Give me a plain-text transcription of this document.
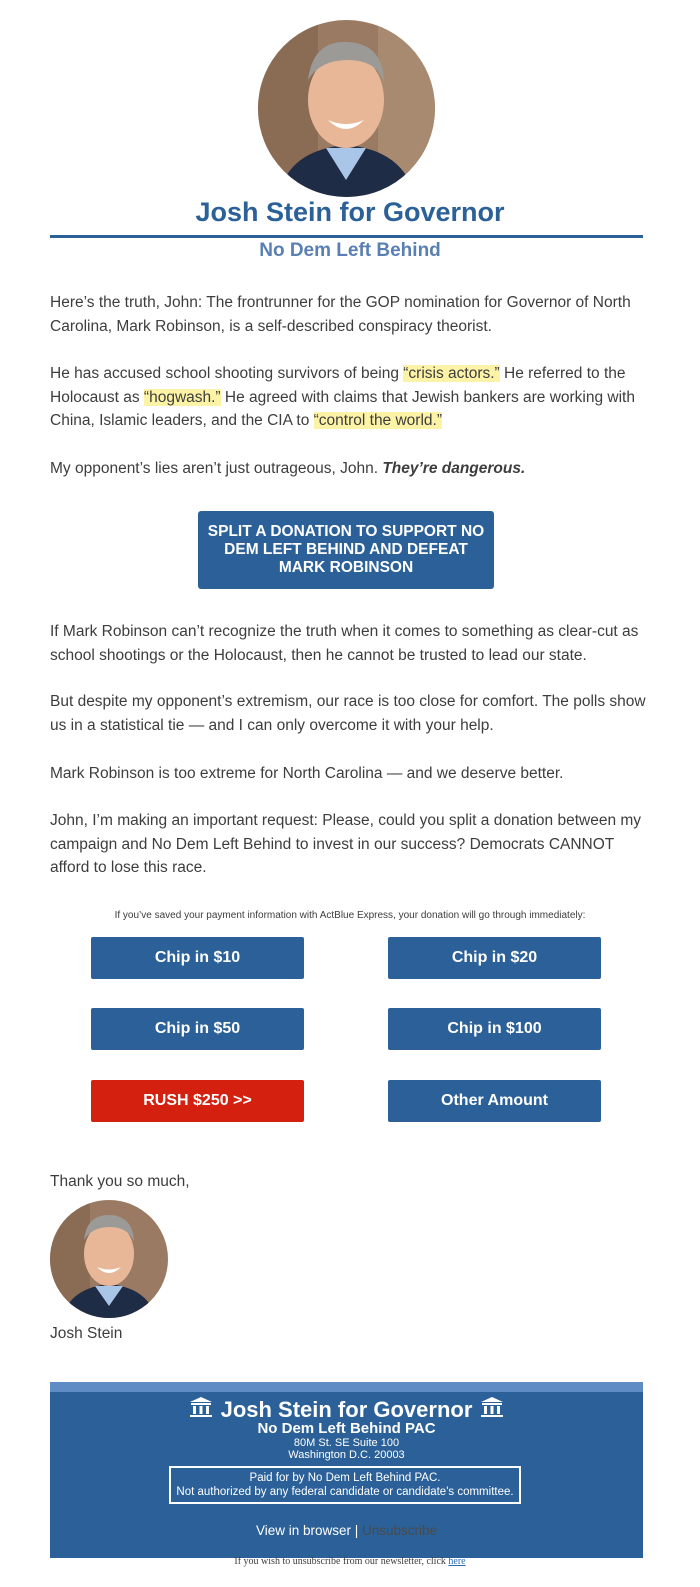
Josh Stein for Governor
No Dem Left Behind

Here’s the truth, John: The frontrunner for the GOP nomination for Governor of North Carolina, Mark Robinson, is a self-described conspiracy theorist.

He has accused school shooting survivors of being “crisis actors.” He referred to the Holocaust as “hogwash.” He agreed with claims that Jewish bankers are working with China, Islamic leaders, and the CIA to “control the world.”

My opponent’s lies aren’t just outrageous, John. They’re dangerous.

SPLIT A DONATION TO SUPPORT NO DEM LEFT BEHIND AND DEFEAT MARK ROBINSON

If Mark Robinson can’t recognize the truth when it comes to something as clear-cut as school shootings or the Holocaust, then he cannot be trusted to lead our state.

But despite my opponent’s extremism, our race is too close for comfort. The polls show us in a statistical tie — and I can only overcome it with your help.

Mark Robinson is too extreme for North Carolina — and we deserve better.

John, I’m making an important request: Please, could you split a donation between my campaign and No Dem Left Behind to invest in our success? Democrats CANNOT afford to lose this race.

If you’ve saved your payment information with ActBlue Express, your donation will go through immediately:
Chip in $10	Chip in $20
Chip in $50	Chip in $100
RUSH $250 >>	Other Amount

Thank you so much,

Josh Stein

Josh Stein for Governor
No Dem Left Behind PAC
80M St. SE Suite 100
Washington D.C. 20003
Paid for by No Dem Left Behind PAC.
Not authorized by any federal candidate or candidate's committee.
View in browser | Unsubscribe
If you wish to unsubscribe from our newsletter, click here
